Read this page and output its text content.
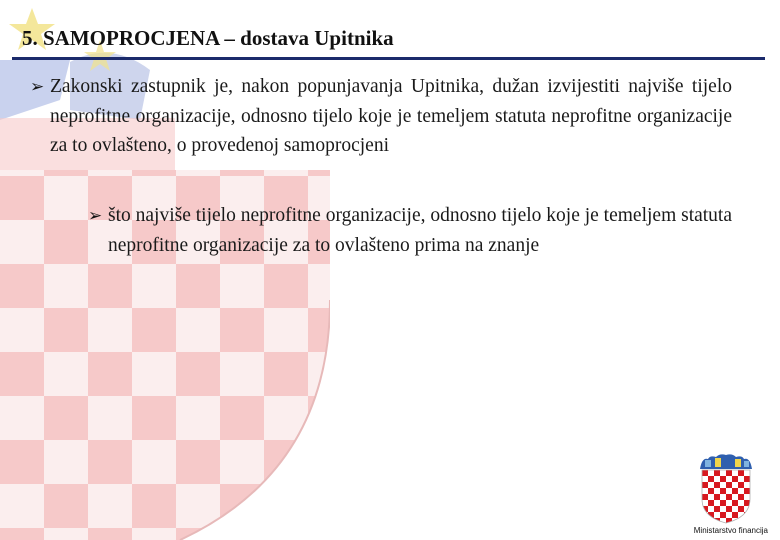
5. SAMOPROCJENA – dostava Upitnika
➢ Zakonski zastupnik je, nakon popunjavanja Upitnika, dužan izvijestiti najviše tijelo neprofitne organizacije, odnosno tijelo koje je temeljem statuta neprofitne organizacije za to ovlašteno, o provedenoj samoprocjeni
➢ što najviše tijelo neprofitne organizacije, odnosno tijelo koje je temeljem statuta neprofitne organizacije za to ovlašteno prima na znanje

Ministarstvo financija
